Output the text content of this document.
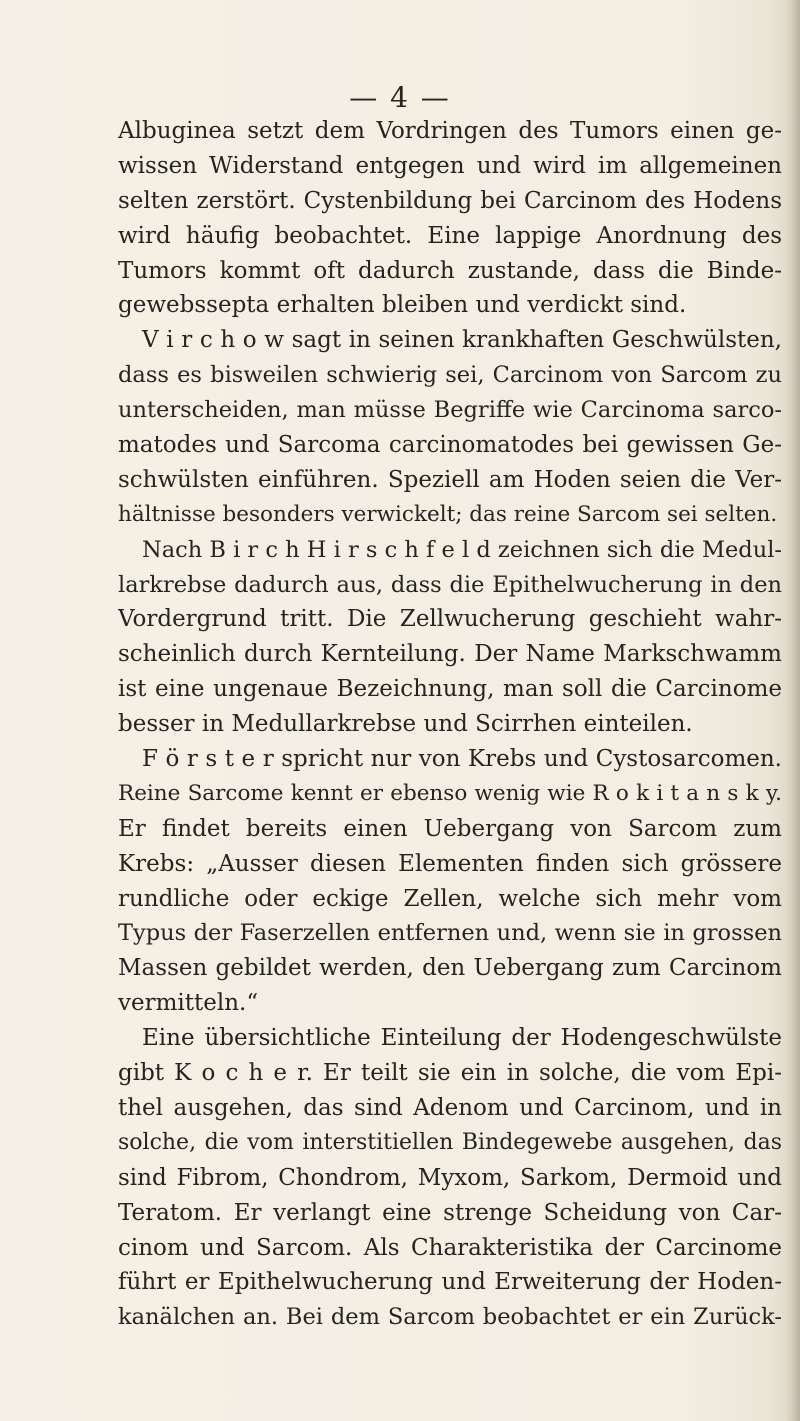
— 4 —
Albuginea setzt dem Vordringen des Tumors einen ge-
wissen Widerstand entgegen und wird im allgemeinen
selten zerstört. Cystenbildung bei Carcinom des Hodens
wird häufig beobachtet. Eine lappige Anordnung des
Tumors kommt oft dadurch zustande, dass die Binde-
gewebssepta erhalten bleiben und verdickt sind.
V i r c h o w sagt in seinen krankhaften Geschwülsten,
dass es bisweilen schwierig sei, Carcinom von Sarcom zu
unterscheiden, man müsse Begriffe wie Carcinoma sarco-
matodes und Sarcoma carcinomatodes bei gewissen Ge-
schwülsten einführen. Speziell am Hoden seien die Ver-
hältnisse besonders verwickelt; das reine Sarcom sei selten.
Nach B i r c h H i r s c h f e l d zeichnen sich die Medul-
larkrebse dadurch aus, dass die Epithelwucherung in den
Vordergrund tritt. Die Zellwucherung geschieht wahr-
scheinlich durch Kernteilung. Der Name Markschwamm
ist eine ungenaue Bezeichnung, man soll die Carcinome
besser in Medullarkrebse und Scirrhen einteilen.
F ö r s t e r spricht nur von Krebs und Cystosarcomen.
Reine Sarcome kennt er ebenso wenig wie R o k i t a n s k y.
Er findet bereits einen Uebergang von Sarcom zum
Krebs: „Ausser diesen Elementen finden sich grössere
rundliche oder eckige Zellen, welche sich mehr vom
Typus der Faserzellen entfernen und, wenn sie in grossen
Massen gebildet werden, den Uebergang zum Carcinom
vermitteln.“
Eine übersichtliche Einteilung der Hodengeschwülste
gibt K o c h e r. Er teilt sie ein in solche, die vom Epi-
thel ausgehen, das sind Adenom und Carcinom, und in
solche, die vom interstitiellen Bindegewebe ausgehen, das
sind Fibrom, Chondrom, Myxom, Sarkom, Dermoid und
Teratom. Er verlangt eine strenge Scheidung von Car-
cinom und Sarcom. Als Charakteristika der Carcinome
führt er Epithelwucherung und Erweiterung der Hoden-
kanälchen an. Bei dem Sarcom beobachtet er ein Zurück-
